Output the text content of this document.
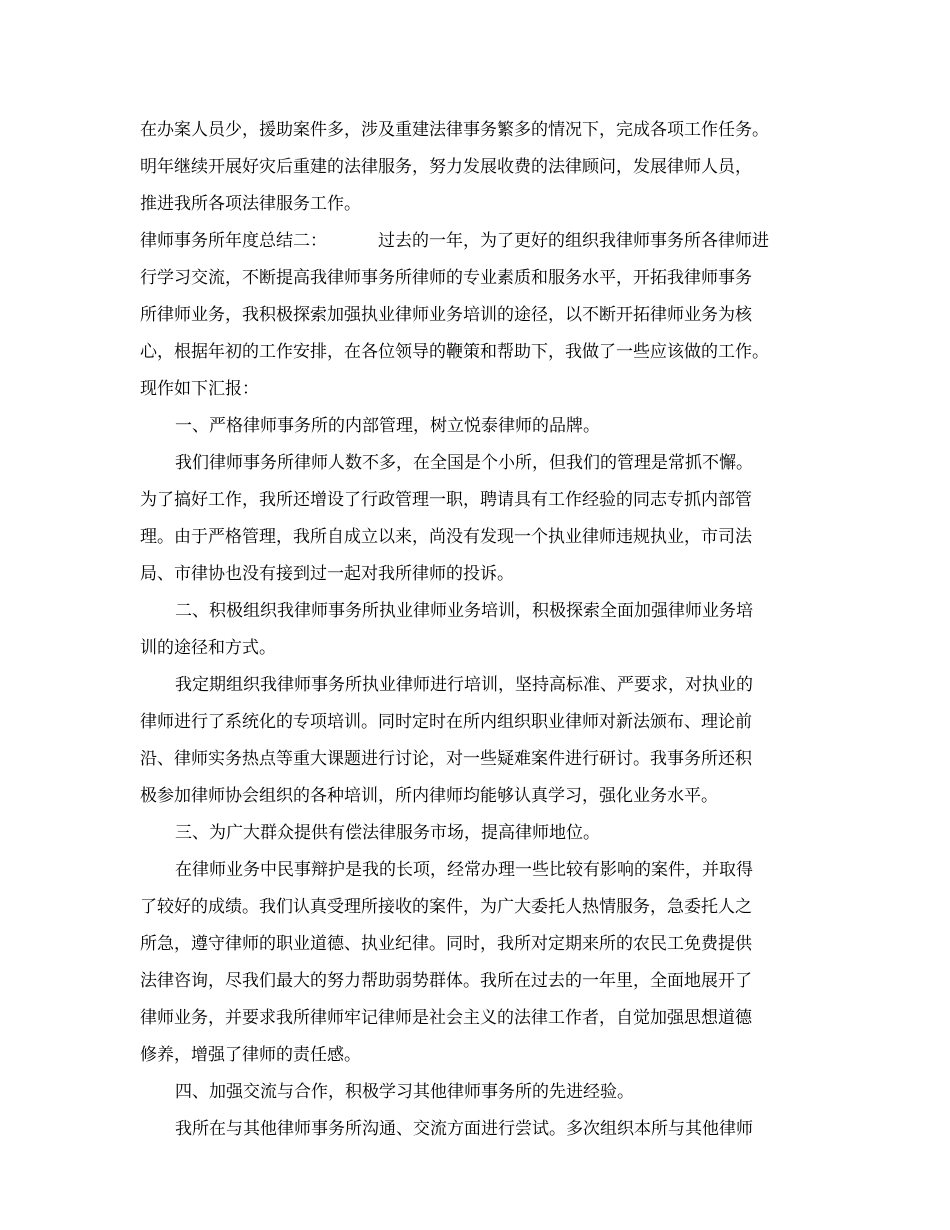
在办案人员少，援助案件多，涉及重建法律事务繁多的情况下，完成各项工作任务。
明年继续开展好灾后重建的法律服务，努力发展收费的法律顾问，发展律师人员，
推进我所各项法律服务工作。
律师事务所年度总结二：	过去的一年，为了更好的组织我律师事务所各律师进
行学习交流，不断提高我律师事务所律师的专业素质和服务水平，开拓我律师事务
所律师业务，我积极探索加强执业律师业务培训的途径，以不断开拓律师业务为核
心，根据年初的工作安排，在各位领导的鞭策和帮助下，我做了一些应该做的工作。
现作如下汇报：
一、严格律师事务所的内部管理，树立悦泰律师的品牌。
我们律师事务所律师人数不多，在全国是个小所，但我们的管理是常抓不懈。
为了搞好工作，我所还增设了行政管理一职，聘请具有工作经验的同志专抓内部管
理。由于严格管理，我所自成立以来，尚没有发现一个执业律师违规执业，市司法
局、市律协也没有接到过一起对我所律师的投诉。
二、积极组织我律师事务所执业律师业务培训，积极探索全面加强律师业务培
训的途径和方式。
我定期组织我律师事务所执业律师进行培训，坚持高标准、严要求，对执业的
律师进行了系统化的专项培训。同时定时在所内组织职业律师对新法颁布、理论前
沿、律师实务热点等重大课题进行讨论，对一些疑难案件进行研讨。我事务所还积
极参加律师协会组织的各种培训，所内律师均能够认真学习，强化业务水平。
三、为广大群众提供有偿法律服务市场，提高律师地位。
在律师业务中民事辩护是我的长项，经常办理一些比较有影响的案件，并取得
了较好的成绩。我们认真受理所接收的案件，为广大委托人热情服务，急委托人之
所急，遵守律师的职业道德、执业纪律。同时，我所对定期来所的农民工免费提供
法律咨询，尽我们最大的努力帮助弱势群体。我所在过去的一年里，全面地展开了
律师业务，并要求我所律师牢记律师是社会主义的法律工作者，自觉加强思想道德
修养，增强了律师的责任感。
四、加强交流与合作，积极学习其他律师事务所的先进经验。
我所在与其他律师事务所沟通、交流方面进行尝试。多次组织本所与其他律师
